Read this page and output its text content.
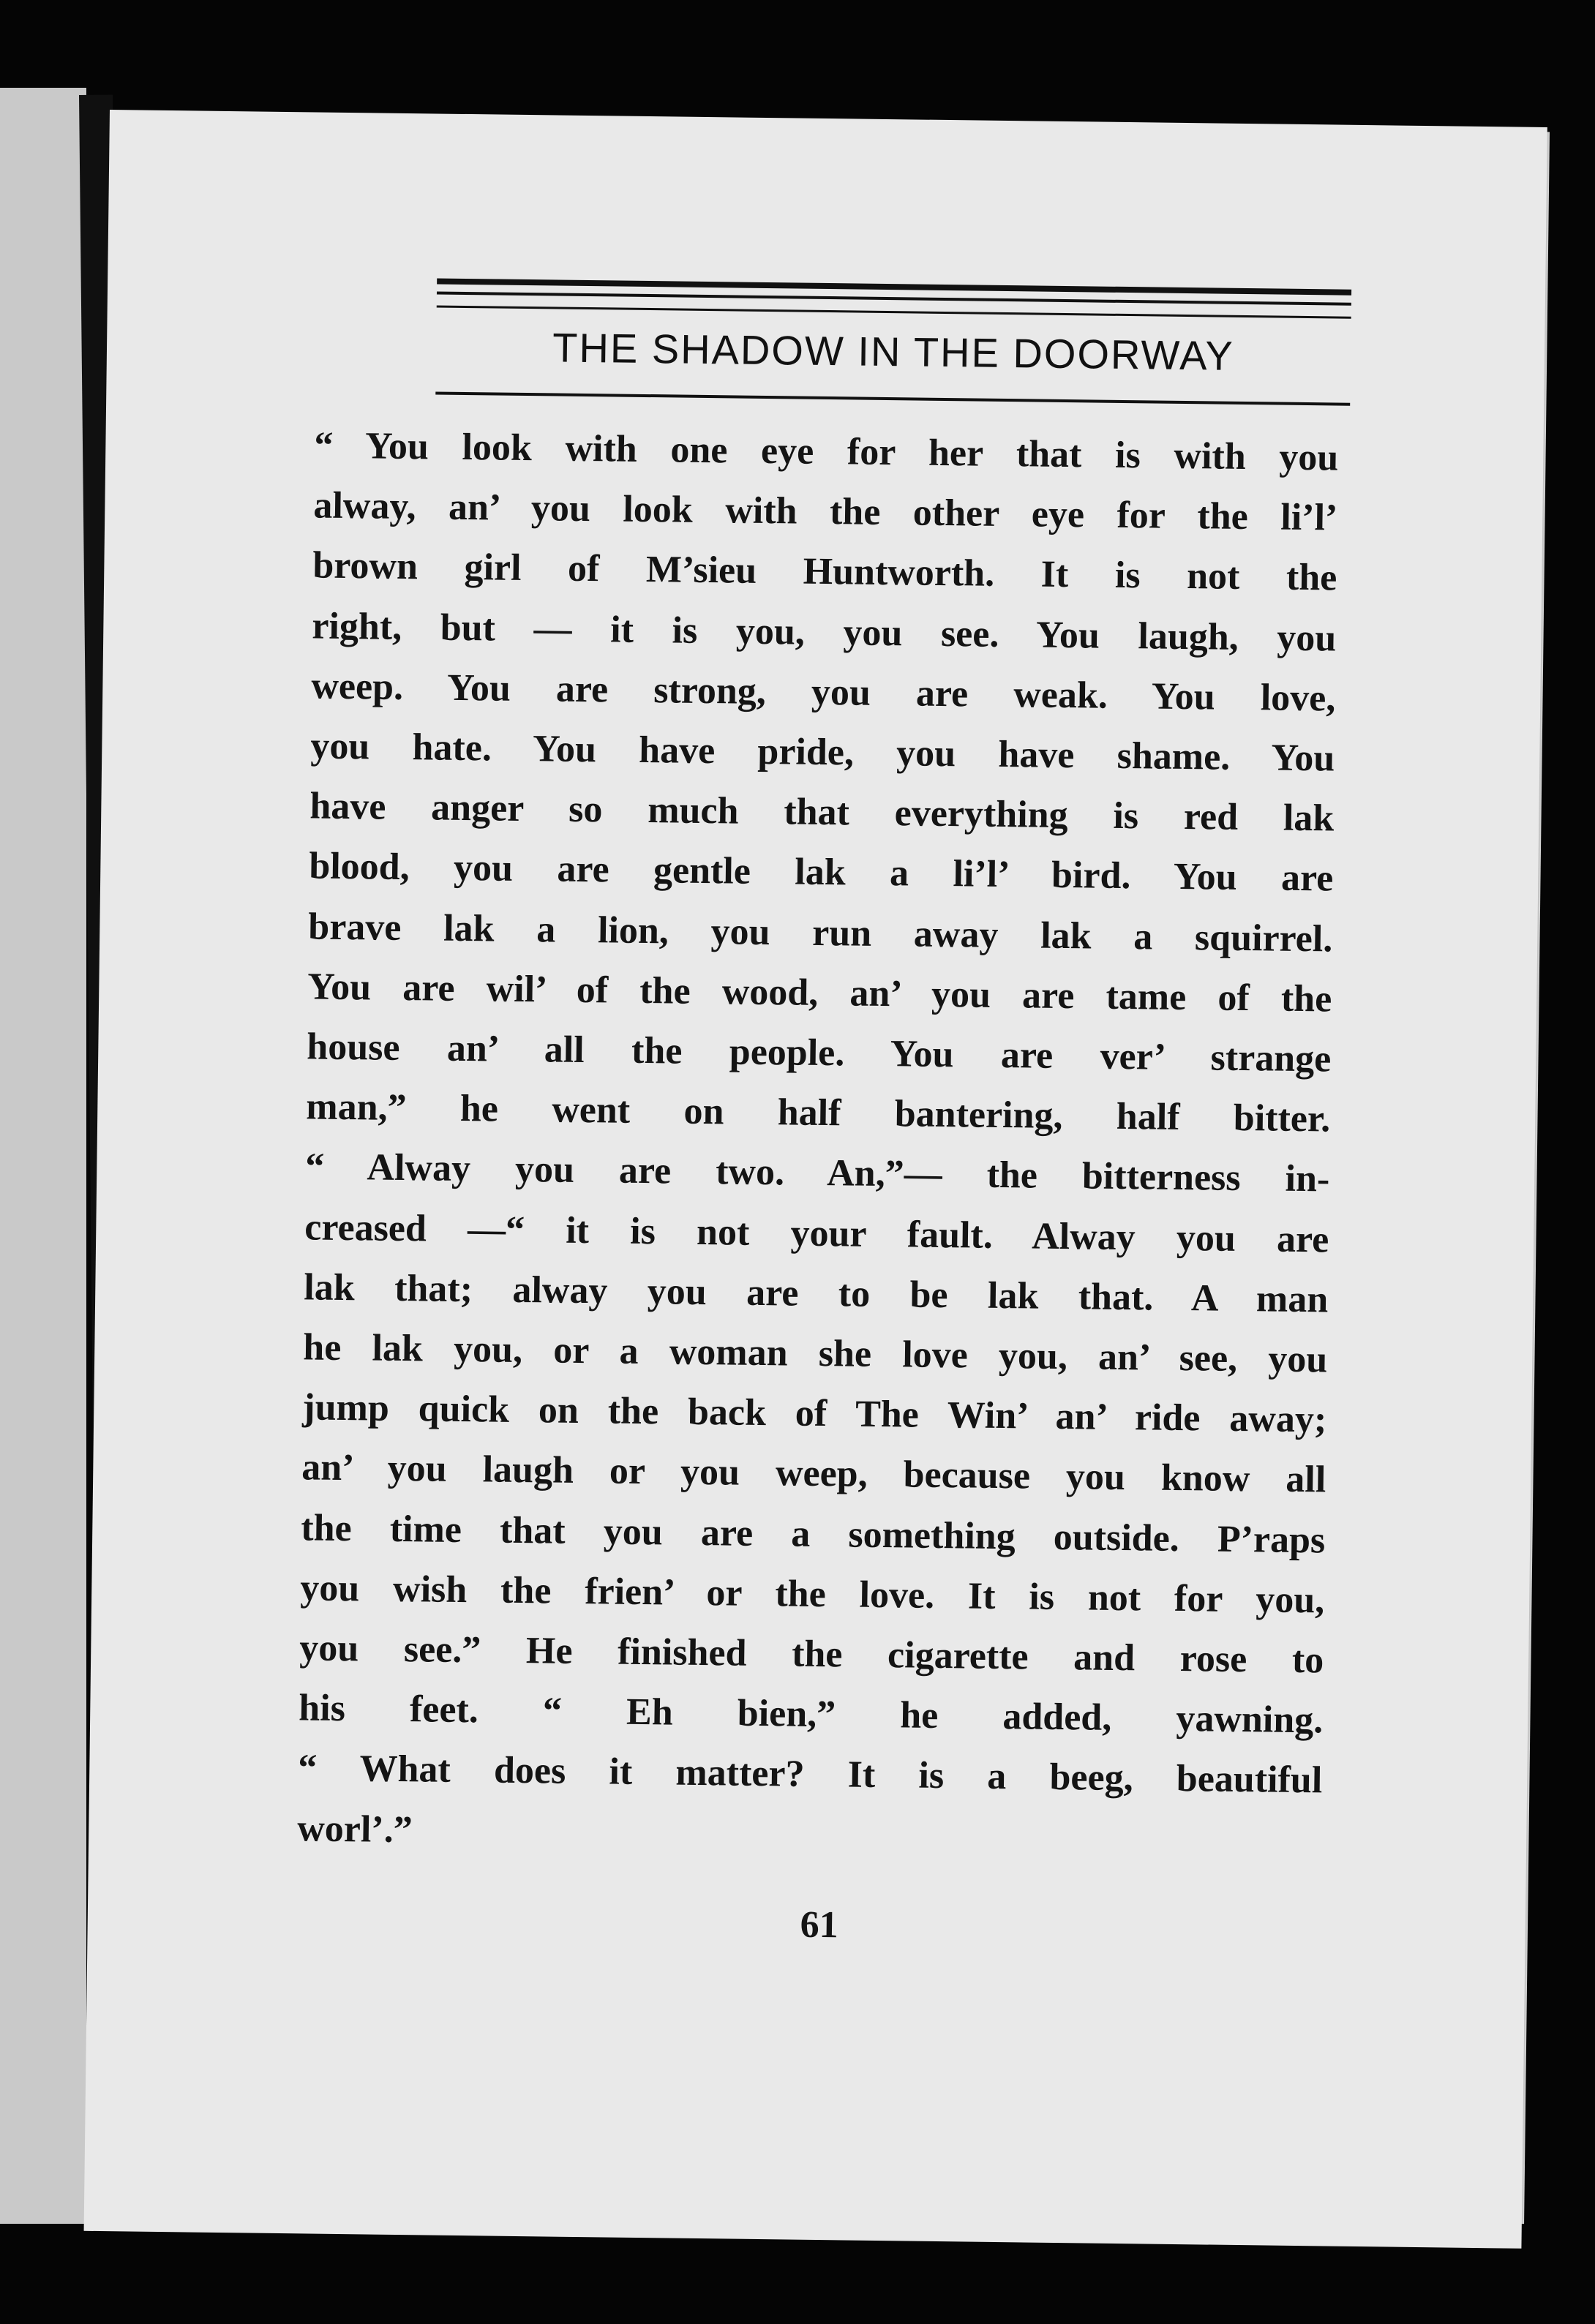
THE SHADOW IN THE DOORWAY
“ You look with one eye for her that is with you
alway, an’ you look with the other eye for the li’l’
brown girl of M’sieu Huntworth. It is not the
right, but — it is you, you see. You laugh, you
weep. You are strong, you are weak. You love,
you hate. You have pride, you have shame. You
have anger so much that everything is red lak
blood, you are gentle lak a li’l’ bird. You are
brave lak a lion, you run away lak a squirrel.
You are wil’ of the wood, an’ you are tame of the
house an’ all the people. You are ver’ strange
man,” he went on half bantering, half bitter.
“ Alway you are two. An,”— the bitterness in-
creased —“ it is not your fault. Alway you are
lak that; alway you are to be lak that. A man
he lak you, or a woman she love you, an’ see, you
jump quick on the back of The Win’ an’ ride away;
an’ you laugh or you weep, because you know all
the time that you are a something outside. P’raps
you wish the frien’ or the love. It is not for you,
you see.” He finished the cigarette and rose to
his feet. “ Eh bien,” he added, yawning.
“ What does it matter? It is a beeg, beautiful
worl’.”
61
